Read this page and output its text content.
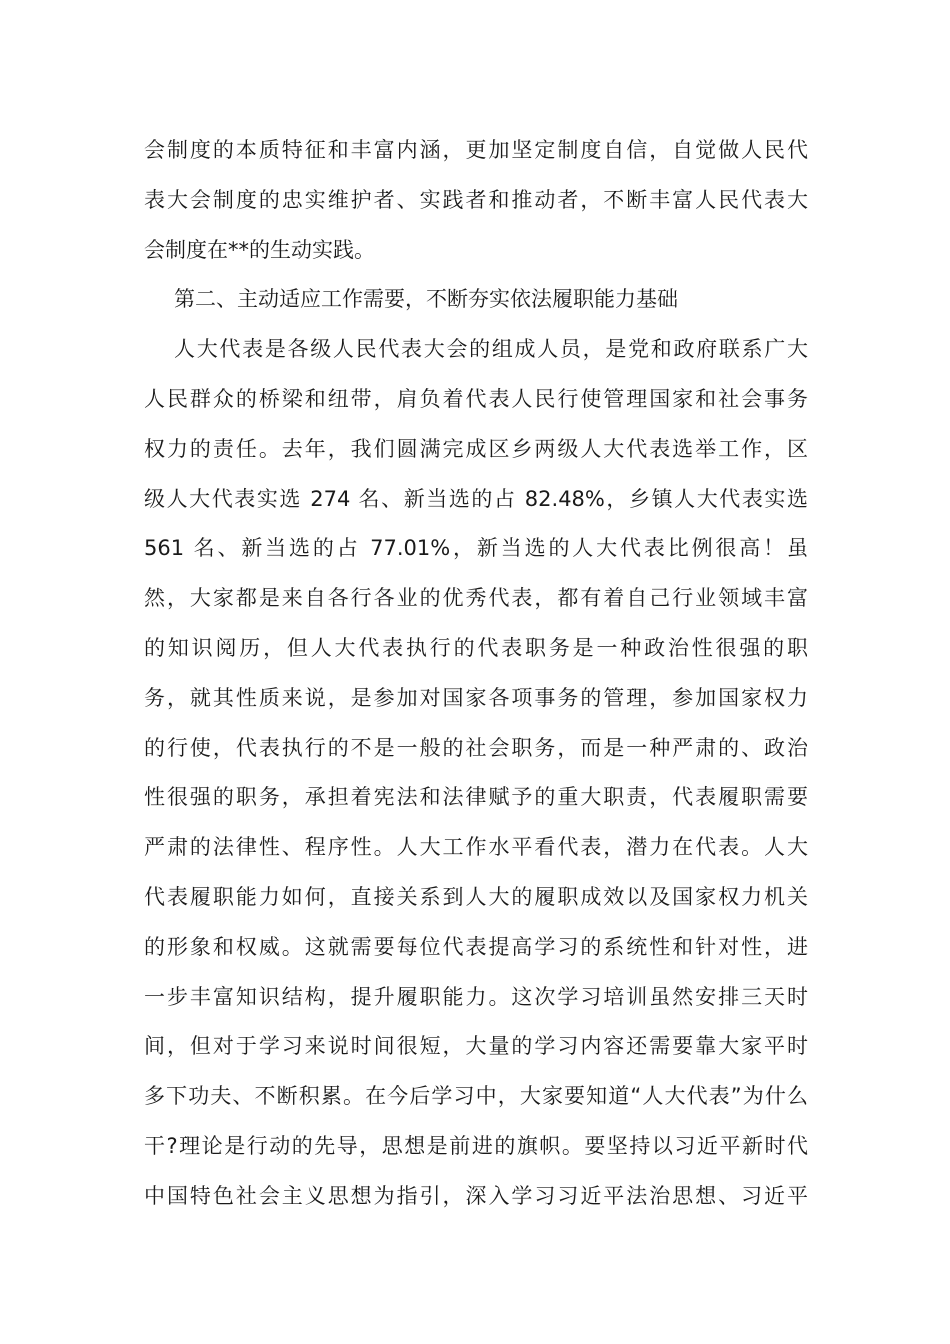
会制度的本质特征和丰富内涵，更加坚定制度自信，自觉做人民代
表大会制度的忠实维护者、实践者和推动者，不断丰富人民代表大
会制度在**的生动实践。
第二、主动适应工作需要，不断夯实依法履职能力基础
人大代表是各级人民代表大会的组成人员，是党和政府联系广大
人民群众的桥梁和纽带，肩负着代表人民行使管理国家和社会事务
权力的责任。去年，我们圆满完成区乡两级人大代表选举工作，区
级人大代表实选 274 名、新当选的占 82.48%，乡镇人大代表实选
561 名、新当选的占 77.01%，新当选的人大代表比例很高！虽
然，大家都是来自各行各业的优秀代表，都有着自己行业领域丰富
的知识阅历，但人大代表执行的代表职务是一种政治性很强的职
务，就其性质来说，是参加对国家各项事务的管理，参加国家权力
的行使，代表执行的不是一般的社会职务，而是一种严肃的、政治
性很强的职务，承担着宪法和法律赋予的重大职责，代表履职需要
严肃的法律性、程序性。人大工作水平看代表，潜力在代表。人大
代表履职能力如何，直接关系到人大的履职成效以及国家权力机关
的形象和权威。这就需要每位代表提高学习的系统性和针对性，进
一步丰富知识结构，提升履职能力。这次学习培训虽然安排三天时
间，但对于学习来说时间很短，大量的学习内容还需要靠大家平时
多下功夫、不断积累。在今后学习中，大家要知道“人大代表”为什么
干?理论是行动的先导，思想是前进的旗帜。要坚持以习近平新时代
中国特色社会主义思想为指引，深入学习习近平法治思想、习近平
